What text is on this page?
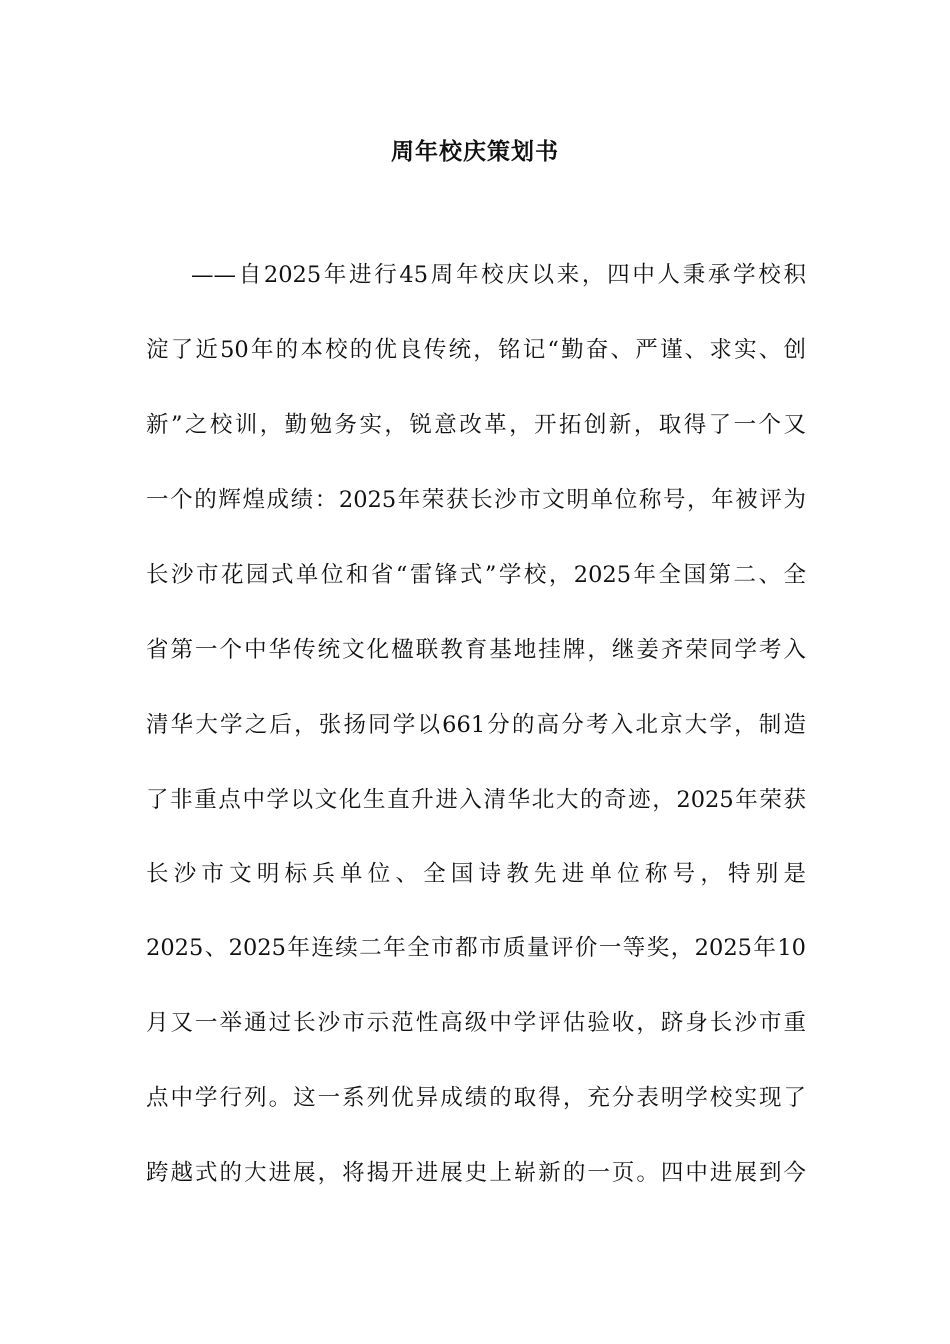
周年校庆策划书

——自2025年进行45周年校庆以来，四中人秉承学校积

淀了近50年的本校的优良传统，铭记“勤奋、严谨、求实、创

新”之校训，勤勉务实，锐意改革，开拓创新，取得了一个又

一个的辉煌成绩：2025年荣获长沙市文明单位称号，年被评为

长沙市花园式单位和省“雷锋式”学校，2025年全国第二、全

省第一个中华传统文化楹联教育基地挂牌，继姜齐荣同学考入

清华大学之后，张扬同学以661分的高分考入北京大学，制造

了非重点中学以文化生直升进入清华北大的奇迹，2025年荣获

长沙市文明标兵单位、全国诗教先进单位称号，特别是

2025、2025年连续二年全市都市质量评价一等奖，2025年10

月又一举通过长沙市示范性高级中学评估验收，跻身长沙市重

点中学行列。这一系列优异成绩的取得，充分表明学校实现了

跨越式的大进展，将揭开进展史上崭新的一页。四中进展到今
